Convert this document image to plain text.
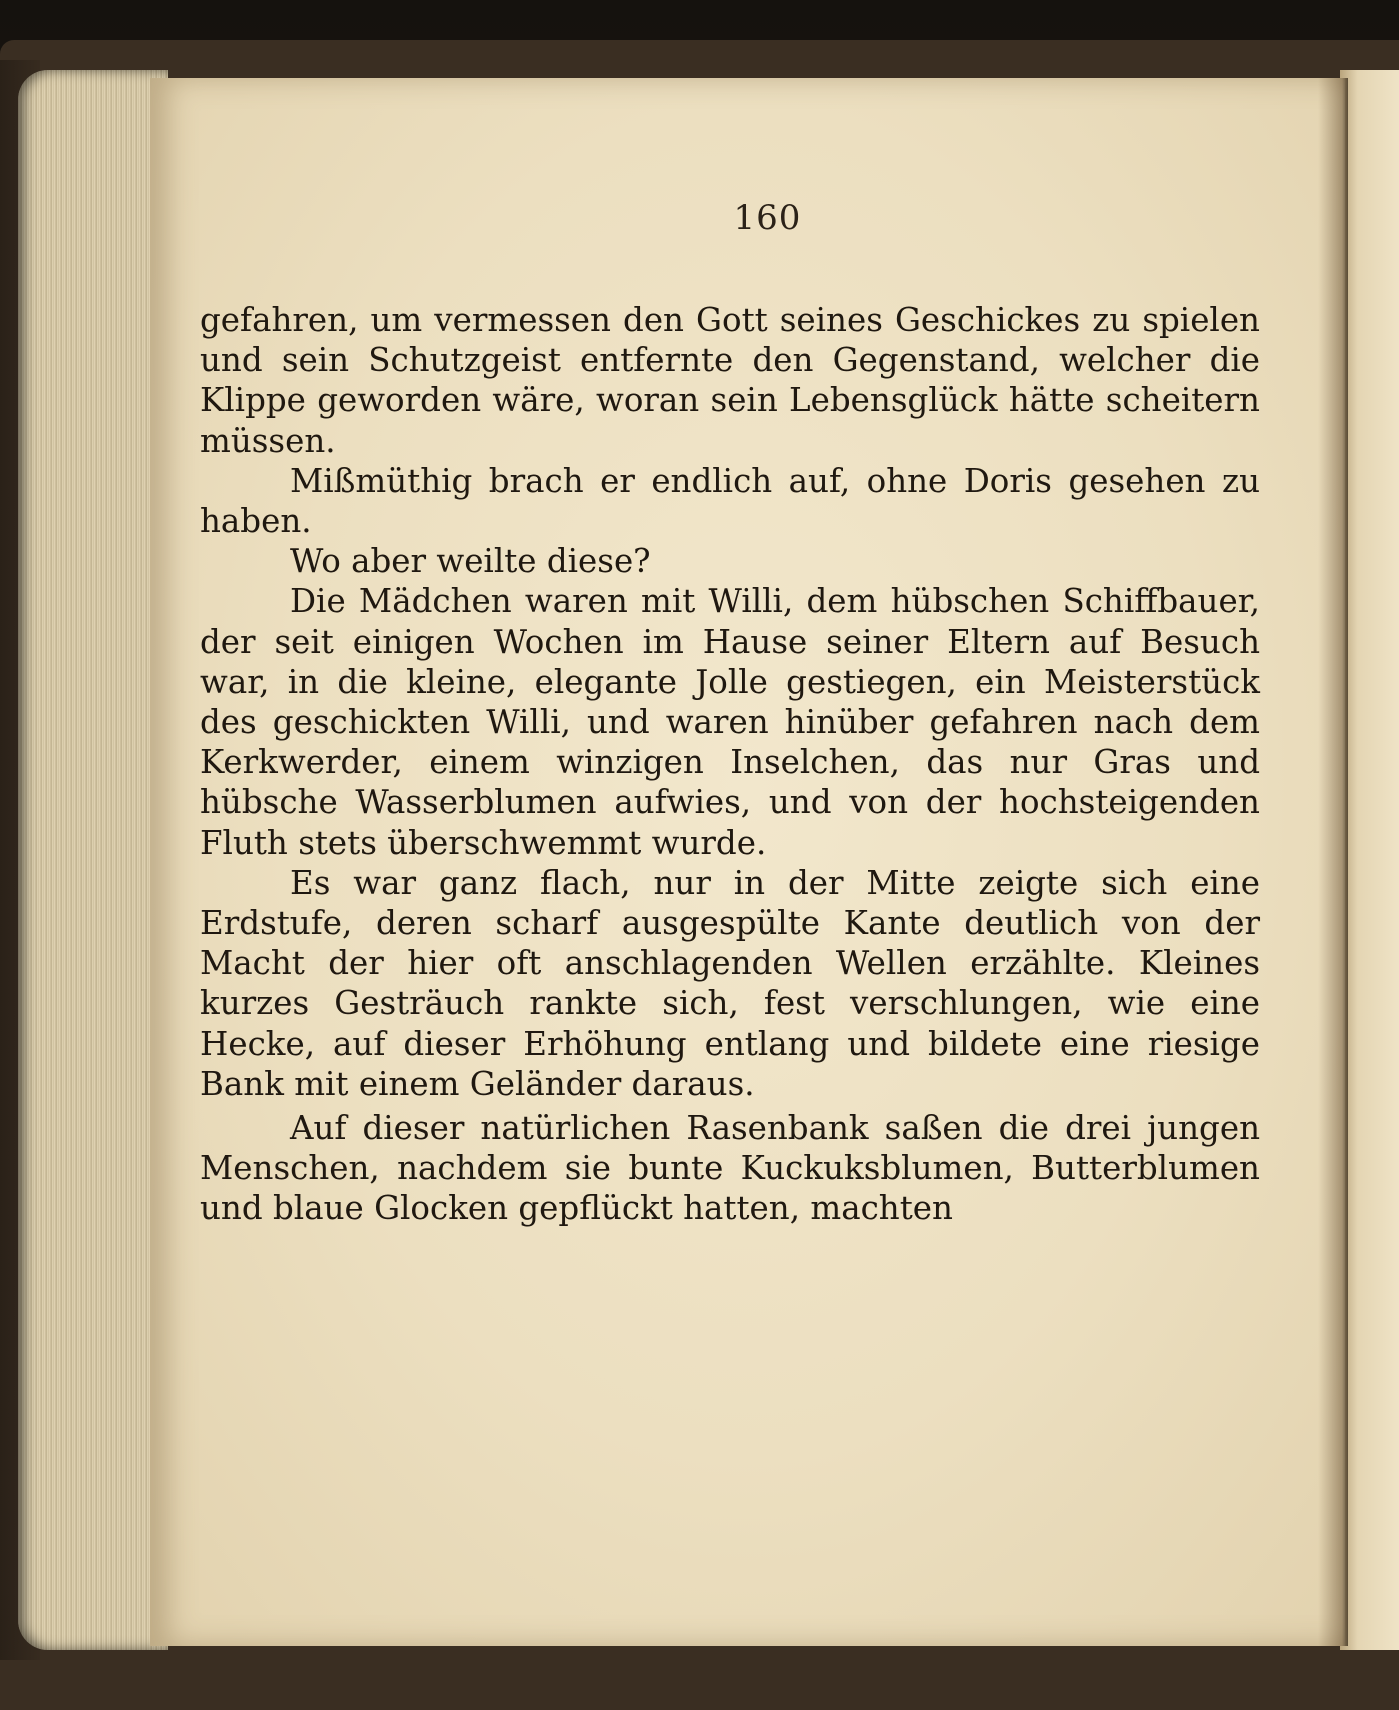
160

gefahren, um vermessen den Gott seines Geschickes zu spielen und sein Schutzgeist entfernte den Gegenstand, welcher die Klippe geworden wäre, woran sein Lebensglück hätte scheitern müssen.

Mißmüthig brach er endlich auf, ohne Doris gesehen zu haben.

Wo aber weilte diese?

Die Mädchen waren mit Willi, dem hübschen Schiffbauer, der seit einigen Wochen im Hause seiner Eltern auf Besuch war, in die kleine, elegante Jolle gestiegen, ein Meisterstück des geschickten Willi, und waren hinüber gefahren nach dem Kerkwerder, einem winzigen Inselchen, das nur Gras und hübsche Wasserblumen aufwies, und von der hochsteigenden Fluth stets überschwemmt wurde.

Es war ganz flach, nur in der Mitte zeigte sich eine Erdstufe, deren scharf ausgespülte Kante deutlich von der Macht der hier oft anschlagenden Wellen erzählte. Kleines kurzes Gesträuch rankte sich, fest verschlungen, wie eine Hecke, auf dieser Erhöhung entlang und bildete eine riesige Bank mit einem Geländer daraus.

Auf dieser natürlichen Rasenbank saßen die drei jungen Menschen, nachdem sie bunte Kuckuksblumen, Butterblumen und blaue Glocken gepflückt hatten, machten
